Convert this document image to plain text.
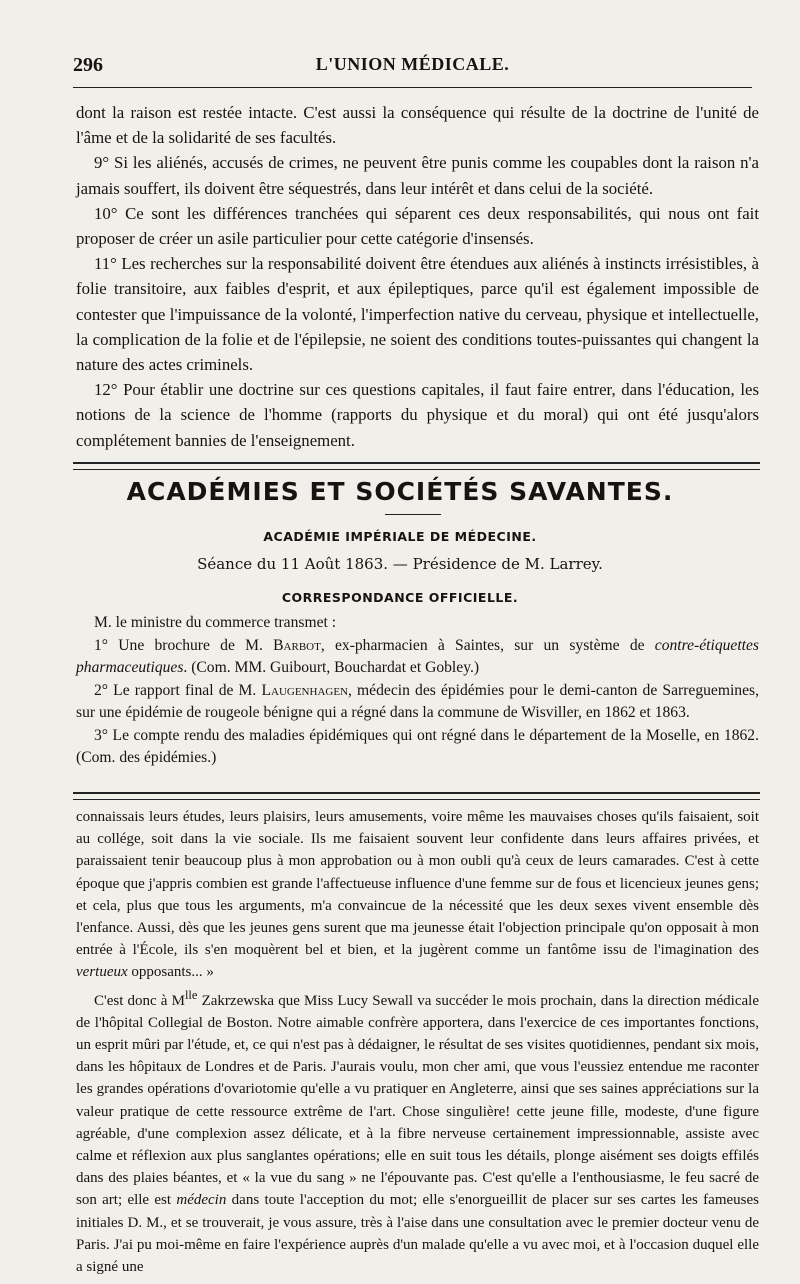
296	L'UNION MÉDICALE.

dont la raison est restée intacte. C'est aussi la conséquence qui résulte de la doctrine de l'unité de l'âme et de la solidarité de ses facultés.

9° Si les aliénés, accusés de crimes, ne peuvent être punis comme les coupables dont la raison n'a jamais souffert, ils doivent être séquestrés, dans leur intérêt et dans celui de la société.

10° Ce sont les différences tranchées qui séparent ces deux responsabilités, qui nous ont fait proposer de créer un asile particulier pour cette catégorie d'insensés.

11° Les recherches sur la responsabilité doivent être étendues aux aliénés à instincts irrésistibles, à folie transitoire, aux faibles d'esprit, et aux épileptiques, parce qu'il est également impossible de contester que l'impuissance de la volonté, l'imperfection native du cerveau, physique et intellectuelle, la complication de la folie et de l'épilepsie, ne soient des conditions toutes-puissantes qui changent la nature des actes criminels.

12° Pour établir une doctrine sur ces questions capitales, il faut faire entrer, dans l'éducation, les notions de la science de l'homme (rapports du physique et du moral) qui ont été jusqu'alors complétement bannies de l'enseignement.

ACADÉMIES ET SOCIÉTÉS SAVANTES.
ACADÉMIE IMPÉRIALE DE MÉDECINE.
Séance du 11 Août 1863. — Présidence de M. Larrey.
CORRESPONDANCE OFFICIELLE.

M. le ministre du commerce transmet :

1° Une brochure de M. Barbot, ex-pharmacien à Saintes, sur un système de contre-étiquettes pharmaceutiques. (Com. MM. Guibourt, Bouchardat et Gobley.)

2° Le rapport final de M. Laugenhagen, médecin des épidémies pour le demi-canton de Sarreguemines, sur une épidémie de rougeole bénigne qui a régné dans la commune de Wisviller, en 1862 et 1863.

3° Le compte rendu des maladies épidémiques qui ont régné dans le département de la Moselle, en 1862. (Com. des épidémies.)

connaissais leurs études, leurs plaisirs, leurs amusements, voire même les mauvaises choses qu'ils faisaient, soit au collége, soit dans la vie sociale. Ils me faisaient souvent leur confidente dans leurs affaires privées, et paraissaient tenir beaucoup plus à mon approbation ou à mon oubli qu'à ceux de leurs camarades. C'est à cette époque que j'appris combien est grande l'affectueuse influence d'une femme sur de fous et licencieux jeunes gens; et cela, plus que tous les arguments, m'a convaincue de la nécessité que les deux sexes vivent ensemble dès l'enfance. Aussi, dès que les jeunes gens surent que ma jeunesse était l'objection principale qu'on opposait à mon entrée à l'École, ils s'en moquèrent bel et bien, et la jugèrent comme un fantôme issu de l'imagination des vertueux opposants... »

C'est donc à $M^{lle}$ Zakrzewska que Miss Lucy Sewall va succéder le mois prochain, dans la direction médicale de l'hôpital Collegial de Boston. Notre aimable confrère apportera, dans l'exercice de ces importantes fonctions, un esprit mûri par l'étude, et, ce qui n'est pas à dédaigner, le résultat de ses visites quotidiennes, pendant six mois, dans les hôpitaux de Londres et de Paris. J'aurais voulu, mon cher ami, que vous l'eussiez entendue me raconter les grandes opérations d'ovariotomie qu'elle a vu pratiquer en Angleterre, ainsi que ses saines appréciations sur la valeur pratique de cette ressource extrême de l'art. Chose singulière! cette jeune fille, modeste, d'une figure agréable, d'une complexion assez délicate, et à la fibre nerveuse certainement impressionnable, assiste avec calme et réflexion aux plus sanglantes opérations; elle en suit tous les détails, plonge aisément ses doigts effilés dans des plaies béantes, et « la vue du sang » ne l'épouvante pas. C'est qu'elle a l'enthousiasme, le feu sacré de son art; elle est médecin dans toute l'acception du mot; elle s'enorgueillit de placer sur ses cartes les fameuses initiales D. M., et se trouverait, je vous assure, très à l'aise dans une consultation avec le premier docteur venu de Paris. J'ai pu moi-même en faire l'expérience auprès d'un malade qu'elle a vu avec moi, et à l'occasion duquel elle a signé une
